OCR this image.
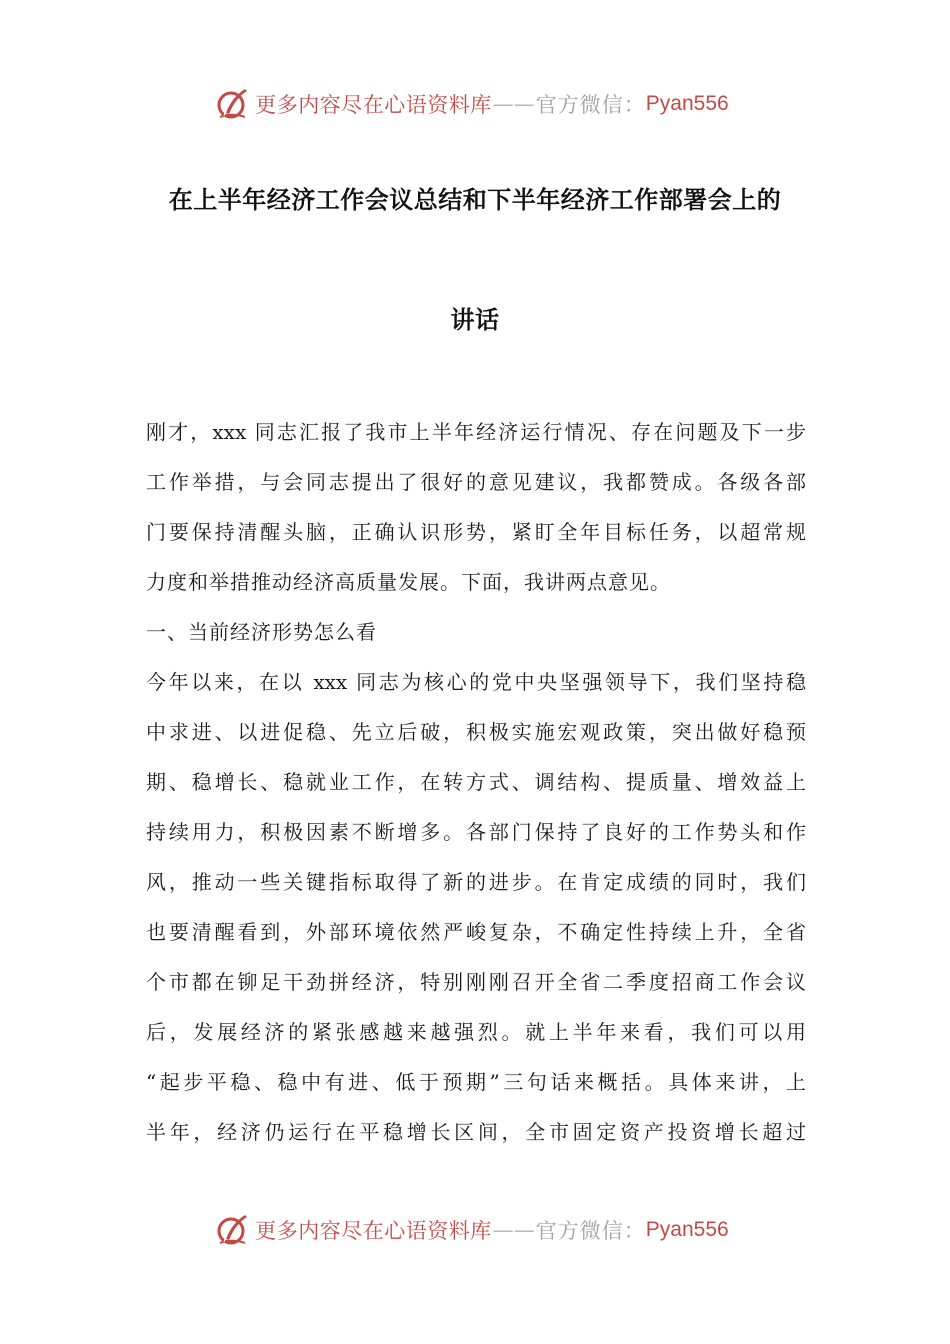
更多内容尽在心语资料库 —— 官方微信： Pyan556
在上半年经济工作会议总结和下半年经济工作部署会上的
讲话
刚才，xxx 同志汇报了我市上半年经济运行情况、存在问题及下一步
工作举措，与会同志提出了很好的意见建议，我都赞成。各级各部
门要保持清醒头脑，正确认识形势，紧盯全年目标任务，以超常规
力度和举措推动经济高质量发展。下面，我讲两点意见。
一、当前经济形势怎么看
今年以来，在以 xxx 同志为核心的党中央坚强领导下，我们坚持稳
中求进、以进促稳、先立后破，积极实施宏观政策，突出做好稳预
期、稳增长、稳就业工作，在转方式、调结构、提质量、增效益上
持续用力，积极因素不断增多。各部门保持了良好的工作势头和作
风，推动一些关键指标取得了新的进步。在肯定成绩的同时，我们
也要清醒看到，外部环境依然严峻复杂，不确定性持续上升，全省
个市都在铆足干劲拼经济，特别刚刚召开全省二季度招商工作会议
后，发展经济的紧张感越来越强烈。就上半年来看，我们可以用
“起步平稳、稳中有进、低于预期”三句话来概括。具体来讲，上
半年，经济仍运行在平稳增长区间，全市固定资产投资增长超过
更多内容尽在心语资料库 —— 官方微信： Pyan556
